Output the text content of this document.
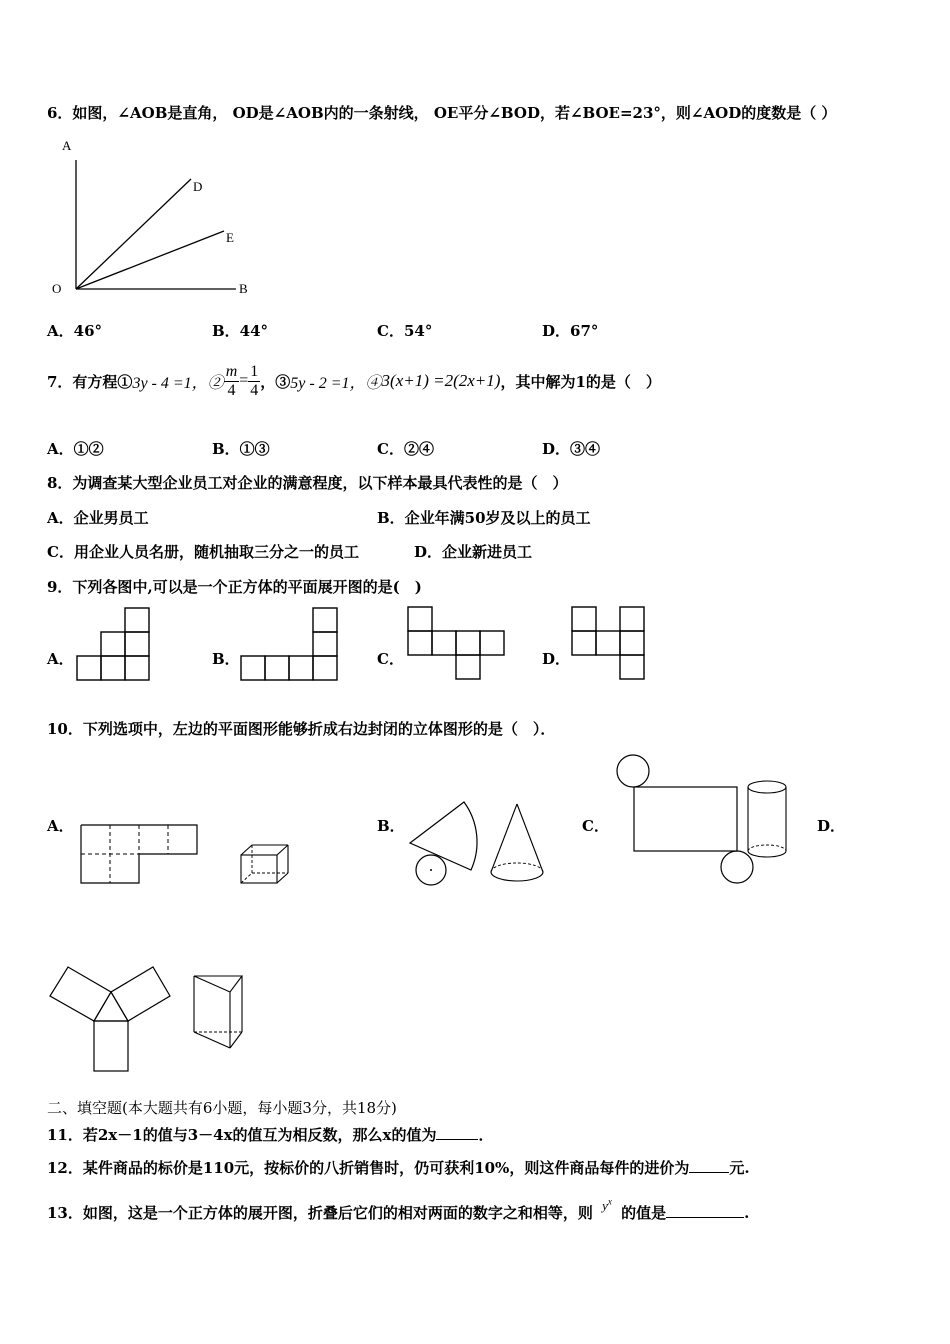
6．如图，∠AOB是直角， OD是∠AOB内的一条射线， OE平分∠BOD，若∠BOE=23°，则∠AOD的度数是（ ）
A
D
E
O	B
A．46°	B．44°	C．54°	D．67°
7．有方程① 3y - 4 =1，② $\frac{m}{4} = \frac{1}{4}$ ，③ 5y - 2 =1，④ 3(x+1) =2(2x+1) ，其中解为1的是（　）
A．①②	B．①③	C．②④	D．③④
8．为调查某大型企业员工对企业的满意程度，以下样本最具代表性的是（　）
A．企业男员工	B．企业年满50岁及以上的员工
C．用企业人员名册，随机抽取三分之一的员工	D．企业新进员工
9．下列各图中,可以是一个正方体的平面展开图的是(　)
A．	B．	C．	D．
10．下列选项中，左边的平面图形能够折成右边封闭的立体图形的是（　）．
A．	B．	C．	D．
二、填空题(本大题共有6小题，每小题3分，共18分)
11．若2x－1的值与3－4x的值互为相反数，那么x的值为	．
12．某件商品的标价是110元，按标价的八折销售时，仍可获利10%，则这件商品每件的进价为	元.
13．如图，这是一个正方体的展开图，折叠后它们的相对两面的数字之和相等，则 $y^x$ 的值是	.
